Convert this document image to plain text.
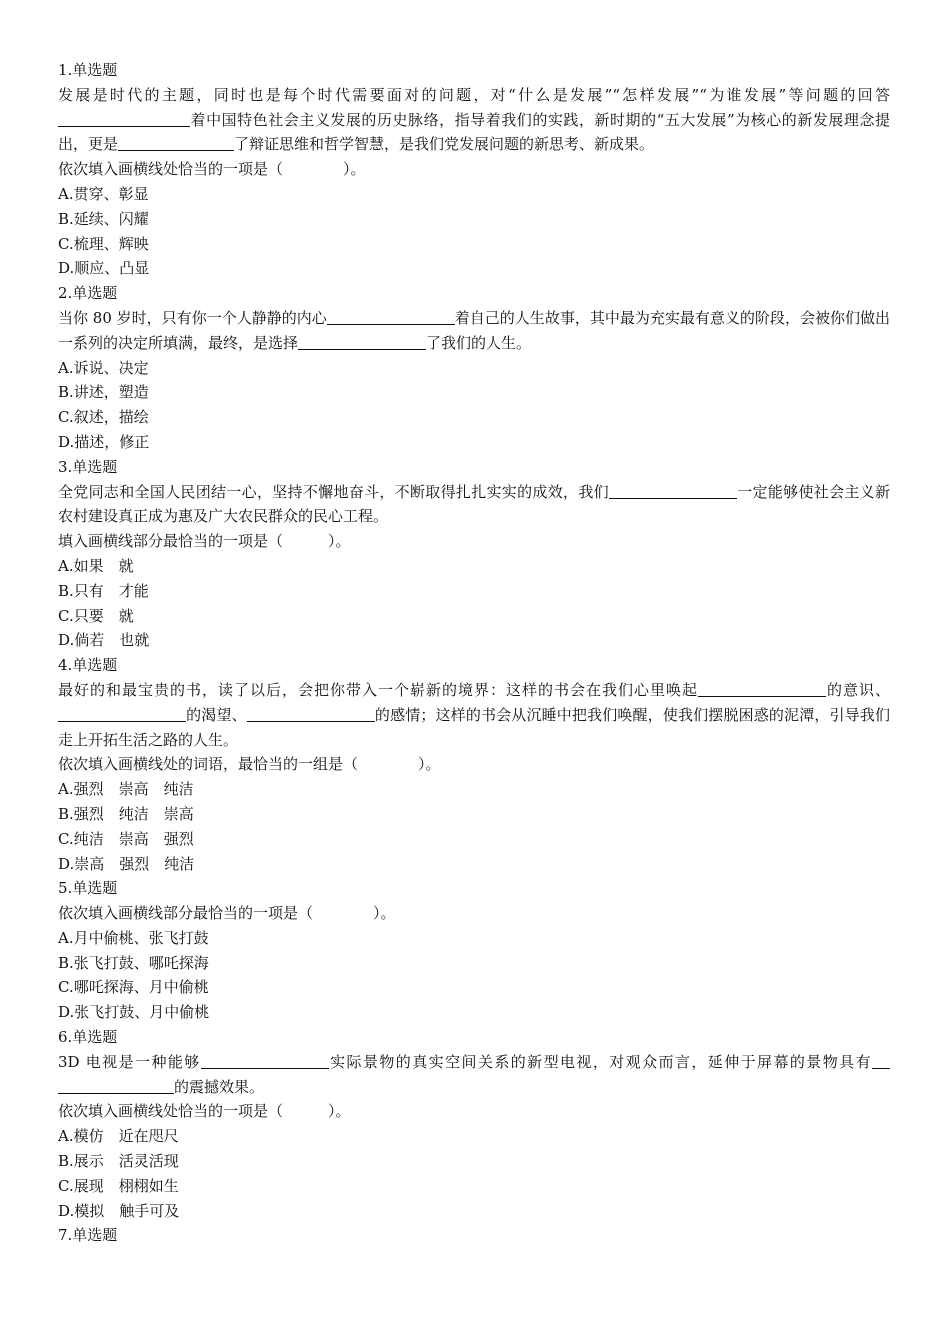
1.单选题

发展是时代的主题，同时也是每个时代需要面对的问题，对“什么是发展”“怎样发展”“为谁发展”等问题的回答着中国特色社会主义发展的历史脉络，指导着我们的实践，新时期的“五大发展”为核心的新发展理念提出，更是	了辩证思维和哲学智慧，是我们党发展问题的新思考、新成果。

依次填入画横线处恰当的一项是（　　　　）。
A.贯穿、彰显
B.延续、闪耀
C.梳理、辉映
D.顺应、凸显
2.单选题

当你 80 岁时，只有你一个人静静的内心	着自己的人生故事，其中最为充实最有意义的阶段，会被你们做出一系列的决定所填满，最终，是选择	了我们的人生。

A.诉说、决定
B.讲述，塑造
C.叙述，描绘
D.描述，修正
3.单选题

全党同志和全国人民团结一心，坚持不懈地奋斗，不断取得扎扎实实的成效，我们	一定能够使社会主义新农村建设真正成为惠及广大农民群众的民心工程。

填入画横线部分最恰当的一项是（　　　）。
A.如果　就
B.只有　才能
C.只要　就
D.倘若　也就
4.单选题

最好的和最宝贵的书，读了以后，会把你带入一个崭新的境界：这样的书会在我们心里唤起	的意识、的渴望、	的感情；这样的书会从沉睡中把我们唤醒，使我们摆脱困惑的泥潭，引导我们走上开拓生活之路的人生。

依次填入画横线处的词语，最恰当的一组是（　　　　）。
A.强烈　崇高　纯洁
B.强烈　纯洁　崇高
C.纯洁　崇高　强烈
D.崇高　强烈　纯洁
5.单选题
依次填入画横线部分最恰当的一项是（　　　　）。
A.月中偷桃、张飞打鼓
B.张飞打鼓、哪吒探海
C.哪吒探海、月中偷桃
D.张飞打鼓、月中偷桃
6.单选题

3D 电视是一种能够	实际景物的真实空间关系的新型电视，对观众而言，延伸于屏幕的景物具有的震撼效果。

依次填入画横线处恰当的一项是（　　　）。
A.模仿　近在咫尺
B.展示　活灵活现
C.展现　栩栩如生
D.模拟　触手可及
7.单选题
